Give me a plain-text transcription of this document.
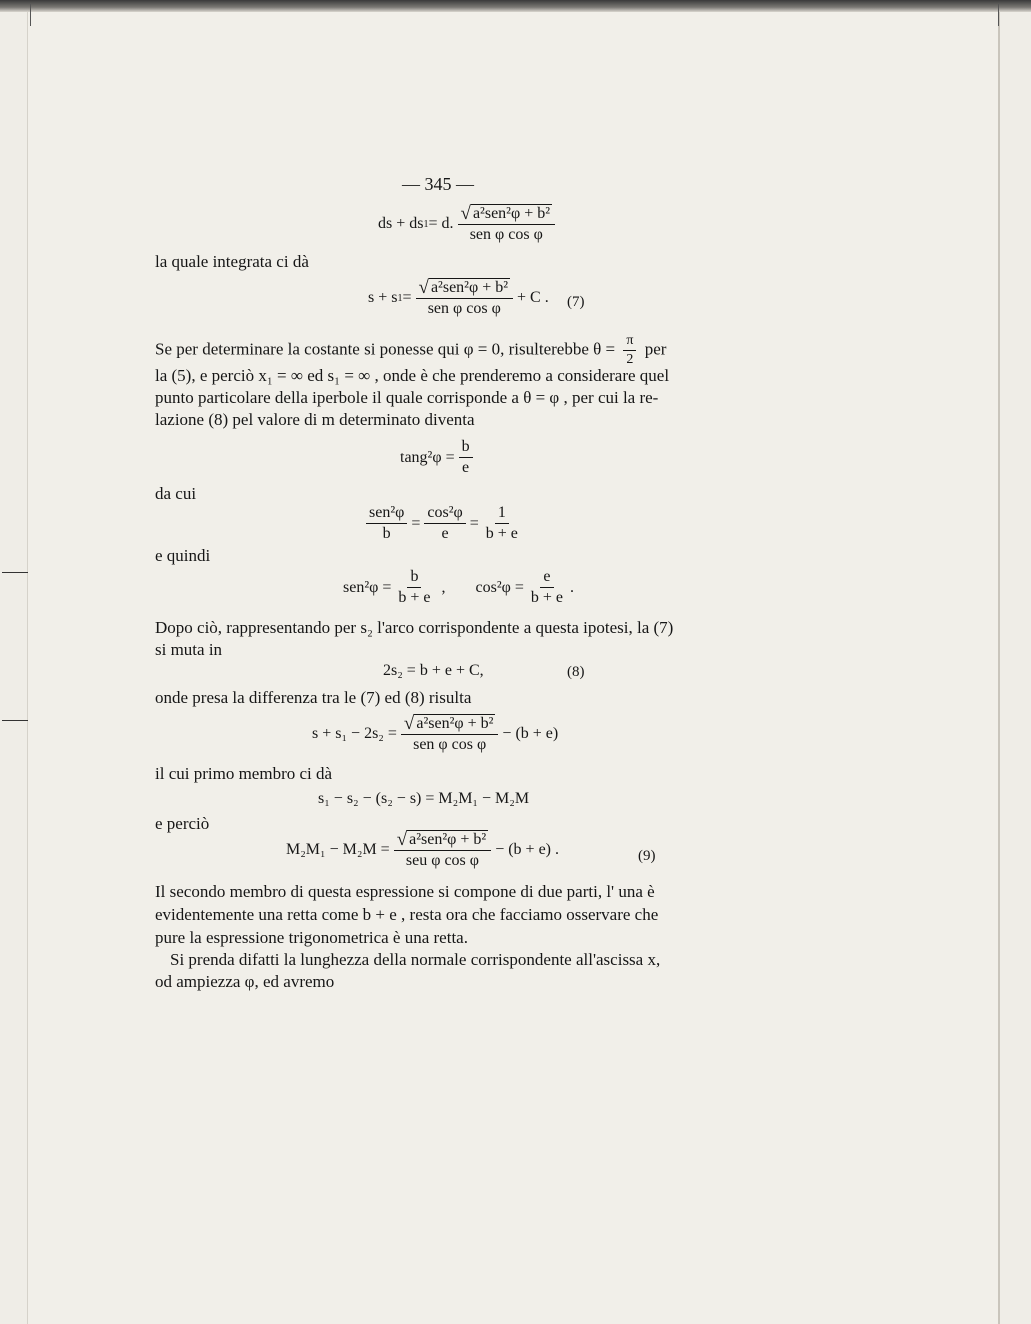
— 345 —
ds + ds 1 = d. $\frac{\text{√ a²sen²φ + b²}}{\text{sen φ cos φ}}$
la quale integrata ci dà
s + s $1 = \frac{\text{√ a²sen²φ + b²}}{\text{sen φ cos φ}} + C$ . (7)
Se per determinare la costante si ponesse qui φ = 0, risulterebbe $\theta = \frac{\pi}{2}$ per
la (5), e perciò x₁ = ∞ ed s₁ = ∞ , onde è che prenderemo a considerare quel
punto particolare della iperbole il quale corrisponde a θ = φ , per cui la re-
lazione (8) pel valore di m determinato diventa
$\tan g^2\varphi = \frac{b}{e}$
da cui
$\frac{\text{sen²φ}}{b} = \frac{\text{cos²φ}}{e} = \frac{1}{b + e}$
e quindi
$sen^2\varphi = \frac{b}{b + e}$ , $\cos^2\varphi = \frac{e}{b + e}$ .
Dopo ciò, rappresentando per s₂ l'arco corrispondente a questa ipotesi, la (7)
si muta in
2s₂ = b + e + C,	(8)
onde presa la differenza tra le (7) ed (8) risulta
$s + s_1 - 2s_2 = \frac{\text{√ a²sen²φ + b²}}{\text{sen φ cos φ}} - (b + e)$
il cui primo membro ci dà
s₁ − s₂ − (s₂ − s) = M₂M₁ − M₂M
e perciò
$M_2M_1 - M_2M = \frac{\text{√ a²sen²φ + b²}}{\text{seu φ cos φ}} - (b + e)$ .	(9)
Il secondo membro di questa espressione si compone di due parti, l' una è
evidentemente una retta come b + e , resta ora che facciamo osservare che
pure la espressione trigonometrica è una retta.
Si prenda difatti la lunghezza della normale corrispondente all'ascissa x,
od ampiezza φ, ed avremo
